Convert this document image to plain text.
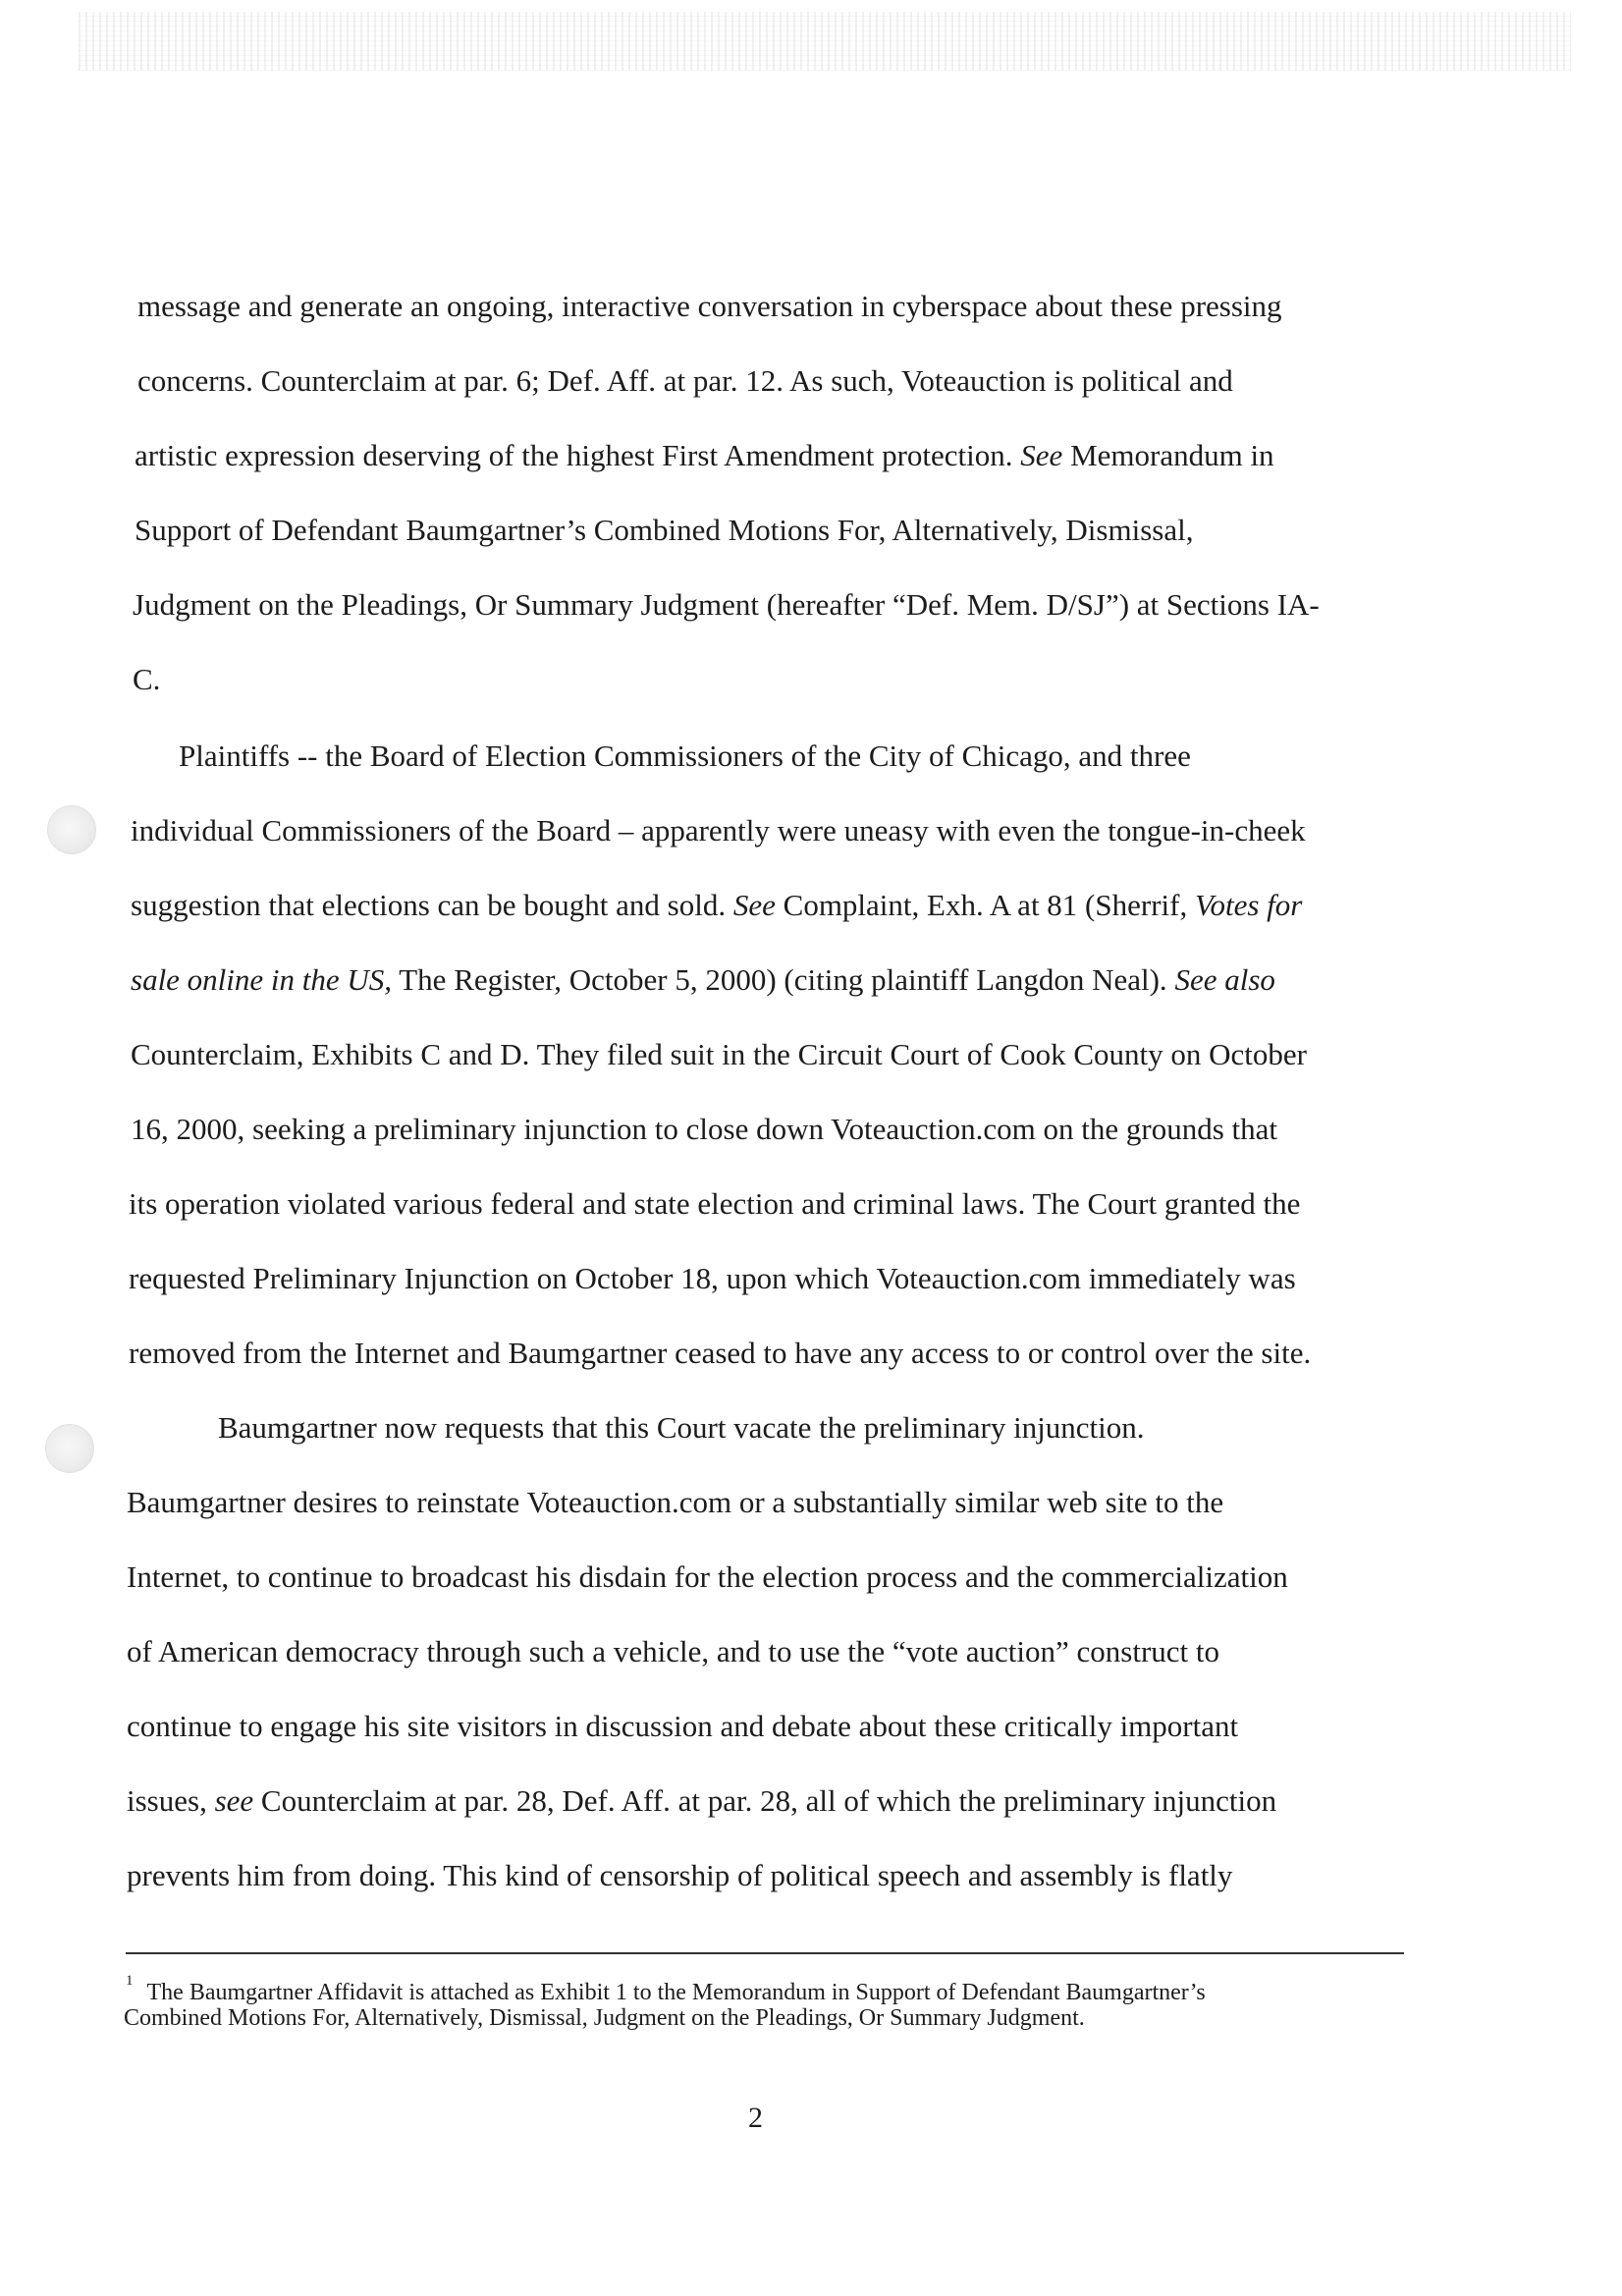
message and generate an ongoing, interactive conversation in cyberspace about these pressing
concerns. Counterclaim at par. 6; Def. Aff. at par. 12. As such, Voteauction is political and
artistic expression deserving of the highest First Amendment protection. See Memorandum in
Support of Defendant Baumgartner’s Combined Motions For, Alternatively, Dismissal,
Judgment on the Pleadings, Or Summary Judgment (hereafter “Def. Mem. D/SJ”) at Sections IA-
C.
Plaintiffs -- the Board of Election Commissioners of the City of Chicago, and three
individual Commissioners of the Board – apparently were uneasy with even the tongue-in-cheek
suggestion that elections can be bought and sold. See Complaint, Exh. A at 81 (Sherrif, Votes for
sale online in the US, The Register, October 5, 2000) (citing plaintiff Langdon Neal). See also
Counterclaim, Exhibits C and D. They filed suit in the Circuit Court of Cook County on October
16, 2000, seeking a preliminary injunction to close down Voteauction.com on the grounds that
its operation violated various federal and state election and criminal laws. The Court granted the
requested Preliminary Injunction on October 18, upon which Voteauction.com immediately was
removed from the Internet and Baumgartner ceased to have any access to or control over the site.
Baumgartner now requests that this Court vacate the preliminary injunction.
Baumgartner desires to reinstate Voteauction.com or a substantially similar web site to the
Internet, to continue to broadcast his disdain for the election process and the commercialization
of American democracy through such a vehicle, and to use the “vote auction” construct to
continue to engage his site visitors in discussion and debate about these critically important
issues, see Counterclaim at par. 28, Def. Aff. at par. 28, all of which the preliminary injunction
prevents him from doing. This kind of censorship of political speech and assembly is flatly
$^1$ The Baumgartner Affidavit is attached as Exhibit 1 to the Memorandum in Support of Defendant Baumgartner’s
Combined Motions For, Alternatively, Dismissal, Judgment on the Pleadings, Or Summary Judgment.
2
